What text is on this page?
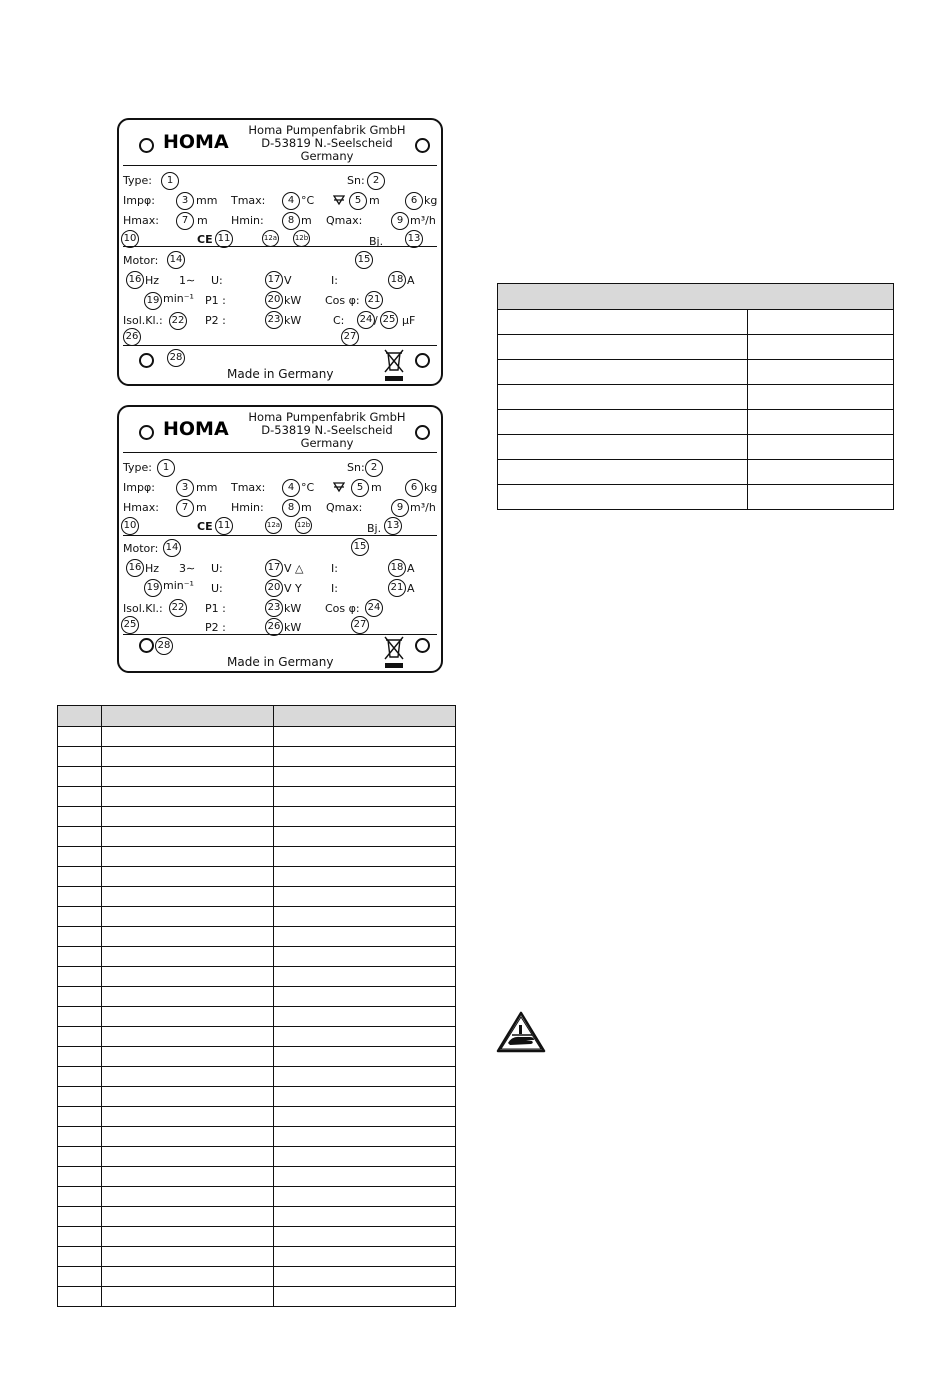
HOMA
Homa Pumpenfabrik GmbH
D-53819 N.-Seelscheid
Germany
Type:	1	Sn: 2
Impφ:	3 mm Tmax:	4 °C	5 m	6 kg
Hmax:	7 m Hmin:	8 m Qmax:	9 m³/h
10	CE 11	12a	12b	Bj. 13
Motor: 14	15
16 Hz 1∼ U:	17 V	I:	18 A
19 min⁻¹ P1 :	20 kW Cos φ: 21
Isol.Kl.: 22 P2 :	23 kW	C: 24 / 25 μF
26	27
28
Made in Germany
HOMA
Homa Pumpenfabrik GmbH
D-53819 N.-Seelscheid
Germany
Type:	1	Sn: 2
Impφ:	3 mm Tmax:	4 °C	5 m	6 kg
Hmax:	7 m Hmin:	8 m Qmax:	9 m³/h
10	CE 11	12a 12b	Bj. 13
Motor: 14	15
16 Hz 3∼ U:	17 V △	I:	18 A
19 min⁻¹ U:	20 V Y	I:	21 A
Isol.Kl.: 22 P1 :	23 kW Cos φ: 24
25	P2 :	26 kW	27
28
Made in Germany
